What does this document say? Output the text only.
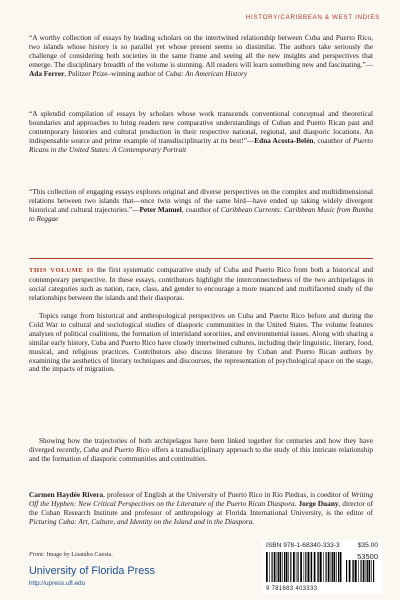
HISTORY/CARIBBEAN & WEST INDIES

“A worthy collection of essays by leading scholars on the intertwined relationship between Cuba and Puerto Rico, two islands whose history is so parallel yet whose present seems so dissimilar. The authors take seriously the challenge of considering both societies in the same frame and seeing all the new insights and perspectives that emerge. The disciplinary breadth of the volume is stunning. All readers will learn something new and fascinating.”—Ada Ferrer, Pulitzer Prize–winning author of Cuba: An American History

“A splendid compilation of essays by scholars whose work transcends conventional conceptual and theoretical boundaries and approaches to bring readers new comparative understandings of Cuban and Puerto Rican past and contemporary histories and cultural production in their respective national, regional, and diasporic locations. An indispensable source and prime example of transdisciplinarity at its best!”—Edna Acosta-Belén, coauthor of Puerto Ricans in the United States: A Contemporary Portrait

“This collection of engaging essays explores original and diverse perspectives on the complex and multidimensional relations between two islands that—once twin wings of the same bird—have ended up taking widely divergent historical and cultural trajectories.”—Peter Manuel, coauthor of Caribbean Currents: Caribbean Music from Rumba to Reggae

THIS VOLUME IS the first systematic comparative study of Cuba and Puerto Rico from both a historical and contemporary perspective. In these essays, contributors highlight the interconnectedness of the two archipelagos in social categories such as nation, race, class, and gender to encourage a more nuanced and multifaceted study of the relationships between the islands and their diasporas.

Topics range from historical and anthropological perspectives on Cuba and Puerto Rico before and during the Cold War to cultural and sociological studies of diasporic communities in the United States. The volume features analyses of political coalitions, the formation of interisland sororities, and environmental issues. Along with sharing a similar early history, Cuba and Puerto Rico have closely intertwined cultures, including their linguistic, literary, food, musical, and religious practices. Contributors also discuss literature by Cuban and Puerto Rican authors by examining the aesthetics of literary techniques and discourses, the representation of psychological space on the stage, and the impacts of migration.

Showing how the trajectories of both archipelagos have been linked together for centuries and how they have diverged recently, Cuba and Puerto Rico offers a transdisciplinary approach to the study of this intricate relationship and the formation of diasporic communities and continuities.

Carmen Haydée Rivera, professor of English at the University of Puerto Rico in Río Piedras, is coeditor of Writing Off the Hyphen: New Critical Perspectives on the Literature of the Puerto Rican Diaspora. Jorge Duany, director of the Cuban Research Institute and professor of anthropology at Florida International University, is the editor of Picturing Cuba: Art, Culture, and Identity on the Island and in the Diaspora.

Front: Image by Lisandra Cuesta.
University of Florida Press
http://upress.ufl.edu
ISBN 978-1-68340-333-3	$35.00
53500
9 781683 403333
